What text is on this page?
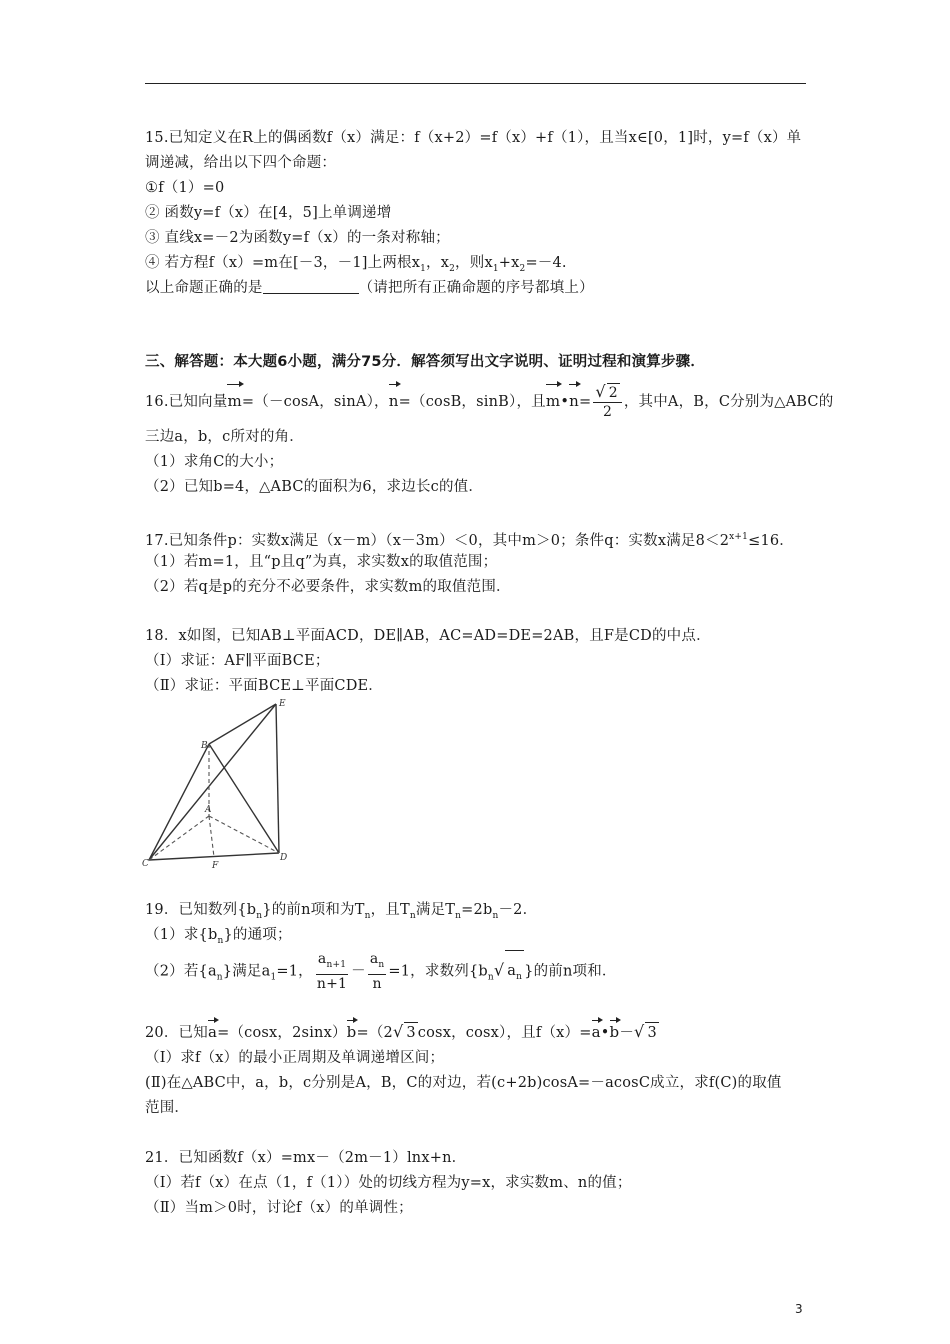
15.已知定义在R上的偶函数f（x）满足：f（x+2）=f（x）+f（1），且当x∈[0，1]时，y=f（x）单
调递减，给出以下四个命题：
①f（1）=0
② 函数y=f（x）在[4，5]上单调递增
③ 直线x=－2为函数y=f（x）的一条对称轴；
④ 若方程f（x）=m在[－3，－1]上两根$x_1$，$x_2$，则$x_1+x_2=-4$.
以上命题正确的是	（请把所有正确命题的序号都填上）
三、解答题：本大题6小题，满分75分．解答须写出文字说明、证明过程和演算步骤．
16.已知向量m=（－cosA，sinA），n=（cosB，sinB），且m•n= $\frac{√ 2}{2}$ ，其中A，B，C分别为△ABC的
三边a，b，c所对的角．
（1）求角C的大小；
（2）已知b=4，△ABC的面积为6，求边长c的值．
17.已知条件p：实数x满足（x－m）（x－3m）＜0，其中m＞0；条件q：实数x满足$8<2^{x+1}\le 16$．
（1）若m=1，且“p且q”为真，求实数x的取值范围；
（2）若q是p的充分不必要条件，求实数m的取值范围．
18．x如图，已知AB⊥平面ACD，DE∥AB，AC=AD=DE=2AB，且F是CD的中点．
（Ⅰ）求证：AF∥平面BCE；
（Ⅱ）求证：平面BCE⊥平面CDE．
E
B
A
C
D
F
19．已知数列$\{b_n\}$的前n项和为$T_n$，且$T_n$满足$T_n=2b_n-2$．
（1）求$\{b_n\}$的通项；
（2）若$\{a_n\}$满足$a_1=1$， $\frac{a_{n+1}}{n+1} - \frac{a_n}{n} =1$，求数列{$b_n√$ $a_n$ }的前n项和．
20．已知a=（cosx，2sinx）b=（2√ 3 cosx，cosx），且f（x）=a•b－√ 3
（Ⅰ）求f（x）的最小正周期及单调递增区间；
(Ⅱ)在△ABC中，a，b，c分别是A，B，C的对边，若(c+2b)cosA=－acosC成立，求f(C)的取值
范围．
21．已知函数f（x）=mx－（2m－1）lnx+n．
（Ⅰ）若f（x）在点（1，f（1））处的切线方程为y=x，求实数m、n的值；
（Ⅱ）当m＞0时，讨论f（x）的单调性；
3
